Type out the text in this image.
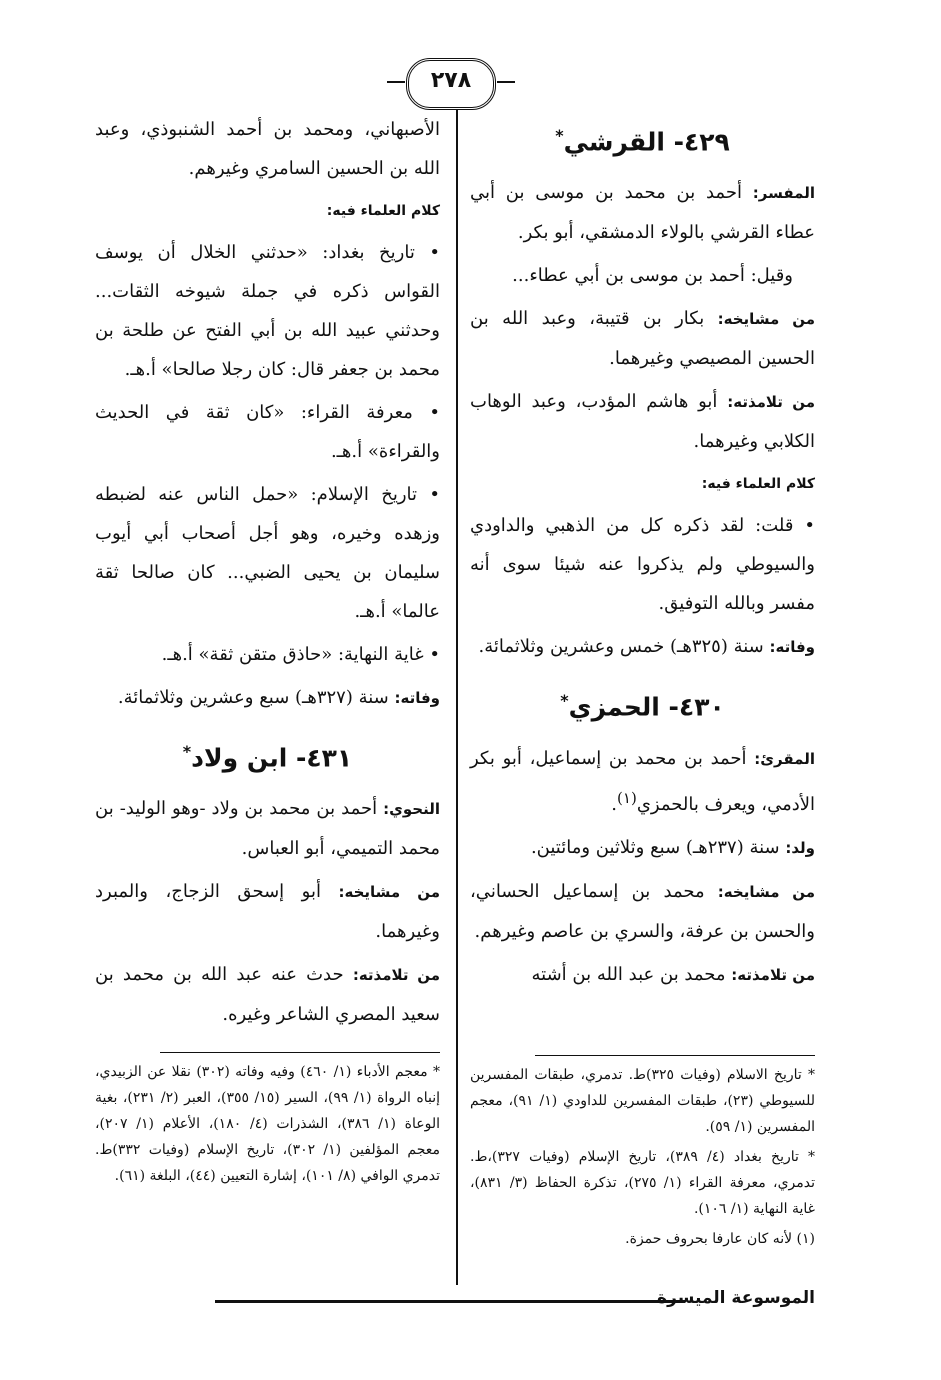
٢٧٨
٤٢٩- القرشي*

المفسر: أحمد بن محمد بن موسى بن أبي عطاء القرشي بالولاء الدمشقي، أبو بكر.

وقيل: أحمد بن موسى بن أبي عطاء...

من مشايخه: بكار بن قتيبة، وعبد الله بن الحسين المصيصي وغيرهما.

من تلامذته: أبو هاشم المؤدب، وعبد الوهاب الكلابي وغيرهما.

كلام العلماء فيه:

• قلت: لقد ذكره كل من الذهبي والداودي والسيوطي ولم يذكروا عنه شيئا سوى أنه مفسر وبالله التوفيق.

وفاته: سنة (٣٢٥هـ) خمس وعشرين وثلاثمائة.

٤٣٠- الحمزي*

المقرئ: أحمد بن محمد بن إسماعيل، أبو بكر الأدمي، ويعرف بالحمزي$^{(١)}$.

ولد: سنة (٢٣٧هـ) سبع وثلاثين ومائتين.

من مشايخه: محمد بن إسماعيل الحساني، والحسن بن عرفة، والسري بن عاصم وغيرهم.

من تلامذته: محمد بن عبد الله بن أشته

* تاريخ الاسلام (وفيات ٣٢٥)ط. تدمري، طبقات المفسرين للسيوطي (٢٣)، طبقات المفسرين للداودي (١/ ٩١)، معجم المفسرين (١/ ٥٩).

* تاريخ بغداد (٤/ ٣٨٩)، تاريخ الإسلام (وفيات ٣٢٧)،ط. تدمري، معرفة القراء (١/ ٢٧٥)، تذكرة الحفاظ (٣/ ٨٣١)، غاية النهاية (١/ ١٠٦).

(١) لأنه كان عارفا بحروف حمزة.

الأصبهاني، ومحمد بن أحمد الشنبوذي، وعبد الله بن الحسين السامري وغيرهم.

كلام العلماء فيه:

• تاريخ بغداد: «حدثني الخلال أن يوسف القواس ذكره في جملة شيوخه الثقات... وحدثني عبيد الله بن أبي الفتح عن طلحة بن محمد بن جعفر قال: كان رجلا صالحا» أ.هـ.

• معرفة القراء: «كان ثقة في الحديث والقراءة» أ.هـ.

• تاريخ الإسلام: «حمل الناس عنه لضبطه وزهده وخيره، وهو أجل أصحاب أبي أيوب سليمان بن يحيى الضبي... كان صالحا ثقة عالما» أ.هـ.

• غاية النهاية: «حاذق متقن ثقة» أ.هـ.

وفاته: سنة (٣٢٧هـ) سبع وعشرين وثلاثمائة.

٤٣١- ابن ولاد*

النحوي: أحمد بن محمد بن ولاد -وهو الوليد- بن محمد التميمي، أبو العباس.

من مشايخه: أبو إسحق الزجاج، والمبرد وغيرهما.

من تلامذته: حدث عنه عبد الله بن محمد بن سعيد المصري الشاعر وغيره.

* معجم الأدباء (١/ ٤٦٠) وفيه وفاته (٣٠٢) نقلا عن الزبيدي، إنباه الرواة (١/ ٩٩)، السير (١٥/ ٣٥٥)، العبر (٢/ ٢٣١)، بغية الوعاة (١/ ٣٨٦)، الشذرات (٤/ ١٨٠)، الأعلام (١/ ٢٠٧)، معجم المؤلفين (١/ ٣٠٢)، تاريخ الإسلام (وفيات ٣٣٢)ط. تدمري الوافي (٨/ ١٠١)، إشارة التعيين (٤٤)، البلغة (٦١).

الموسوعة الميسرة
